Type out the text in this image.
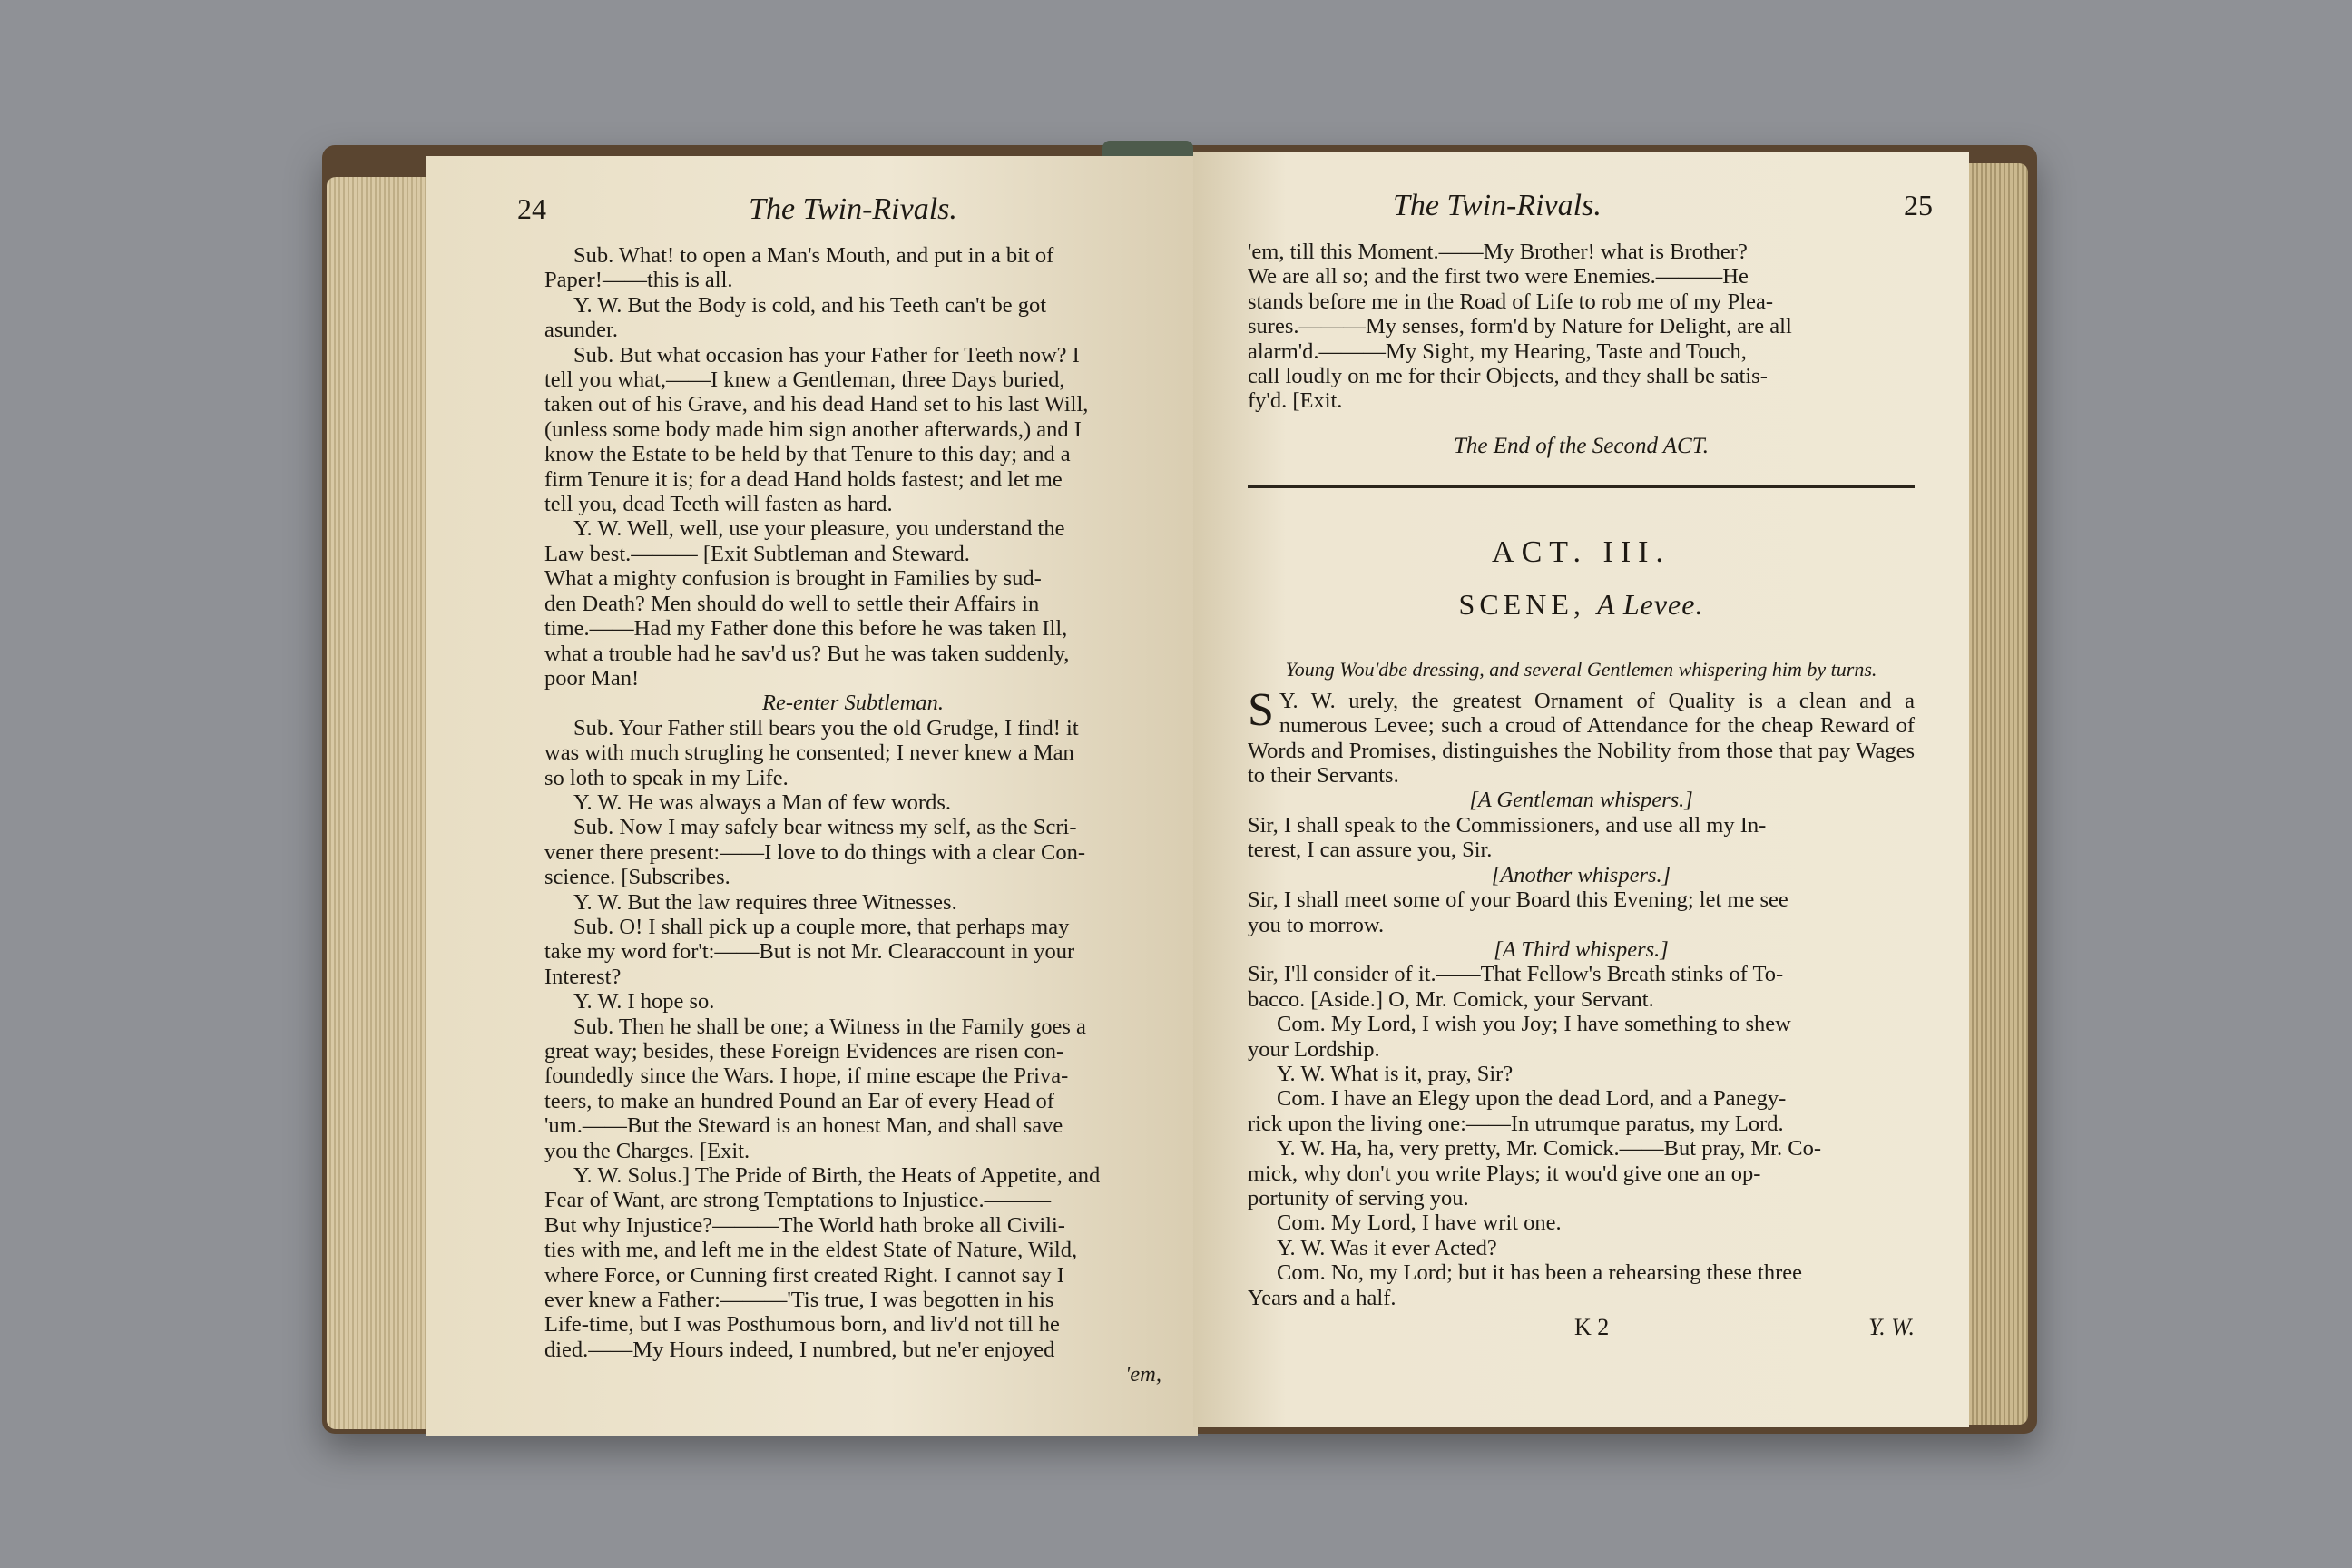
24	The Twin-Rivals.

Sub. What! to open a Man's Mouth, and put in a bit of

Paper!——this is all.

Y. W. But the Body is cold, and his Teeth can't be got

asunder.

Sub. But what occasion has your Father for Teeth now? I

tell you what,——I knew a Gentleman, three Days buried,

taken out of his Grave, and his dead Hand set to his last Will,

(unless some body made him sign another afterwards,) and I

know the Estate to be held by that Tenure to this day; and a

firm Tenure it is; for a dead Hand holds fastest; and let me

tell you, dead Teeth will fasten as hard.

Y. W. Well, well, use your pleasure, you understand the

Law best.——— [Exit Subtleman and Steward.

What a mighty confusion is brought in Families by sud-

den Death? Men should do well to settle their Affairs in

time.——Had my Father done this before he was taken Ill,

what a trouble had he sav'd us? But he was taken suddenly,

poor Man!

Re-enter Subtleman.

Sub. Your Father still bears you the old Grudge, I find! it

was with much strugling he consented; I never knew a Man

so loth to speak in my Life.

Y. W. He was always a Man of few words.

Sub. Now I may safely bear witness my self, as the Scri-

vener there present:——I love to do things with a clear Con-

science. [Subscribes.

Y. W. But the law requires three Witnesses.

Sub. O! I shall pick up a couple more, that perhaps may

take my word for't:——But is not Mr. Clearaccount in your

Interest?

Y. W. I hope so.

Sub. Then he shall be one; a Witness in the Family goes a

great way; besides, these Foreign Evidences are risen con-

foundedly since the Wars. I hope, if mine escape the Priva-

teers, to make an hundred Pound an Ear of every Head of

'um.——But the Steward is an honest Man, and shall save

you the Charges. [Exit.

Y. W. Solus.] The Pride of Birth, the Heats of Appetite, and

Fear of Want, are strong Temptations to Injustice.———

But why Injustice?———The World hath broke all Civili-

ties with me, and left me in the eldest State of Nature, Wild,

where Force, or Cunning first created Right. I cannot say I

ever knew a Father:———'Tis true, I was begotten in his

Life-time, but I was Posthumous born, and liv'd not till he

died.——My Hours indeed, I numbred, but ne'er enjoyed

'em,
The Twin-Rivals.	25

'em, till this Moment.——My Brother! what is Brother?

We are all so; and the first two were Enemies.———He

stands before me in the Road of Life to rob me of my Plea-

sures.———My senses, form'd by Nature for Delight, are all

alarm'd.———My Sight, my Hearing, Taste and Touch,

call loudly on me for their Objects, and they shall be satis-

fy'd. [Exit.

The End of the Second ACT.
ACT. III.
SCENE, A Levee.
Young Wou'dbe dressing, and several Gentlemen whispering him by turns.

Y. W.
S	urely, the greatest Ornament of Quality is a clean and a numerous Levee; such a croud of Attendance for the cheap Reward of Words and Promises, distinguishes the Nobility from those that pay Wages to their Servants.

[A Gentleman whispers.]

Sir, I shall speak to the Commissioners, and use all my In-

terest, I can assure you, Sir.

[Another whispers.]

Sir, I shall meet some of your Board this Evening; let me see

you to morrow.

[A Third whispers.]

Sir, I'll consider of it.——That Fellow's Breath stinks of To-

bacco. [Aside.] O, Mr. Comick, your Servant.

Com. My Lord, I wish you Joy; I have something to shew

your Lordship.

Y. W. What is it, pray, Sir?

Com. I have an Elegy upon the dead Lord, and a Panegy-

rick upon the living one:——In utrumque paratus, my Lord.

Y. W. Ha, ha, very pretty, Mr. Comick.——But pray, Mr. Co-

mick, why don't you write Plays; it wou'd give one an op-

portunity of serving you.

Com. My Lord, I have writ one.

Y. W. Was it ever Acted?

Com. No, my Lord; but it has been a rehearsing these three

Years and a half.

K 2	Y. W.
